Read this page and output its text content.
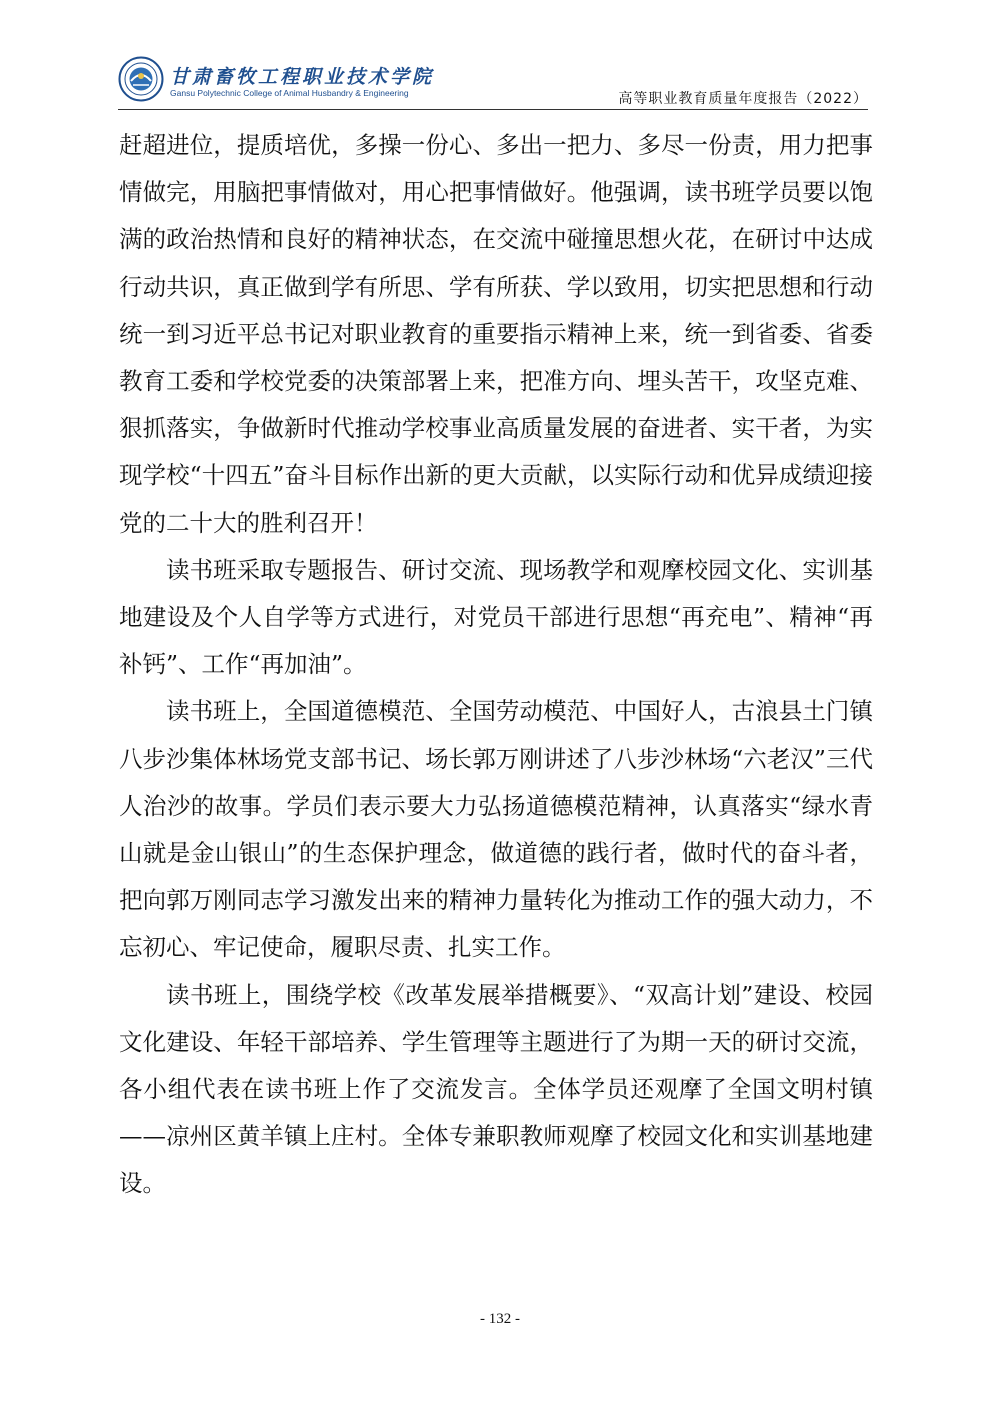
甘肃畜牧工程职业技术学院
Gansu Polytechnic College of Animal Husbandry & Engineering	高等职业教育质量年度报告（2022）

赶超进位，提质培优，多操一份心、多出一把力、多尽一份责，用力把事情做完，用脑把事情做对，用心把事情做好。他强调，读书班学员要以饱满的政治热情和良好的精神状态，在交流中碰撞思想火花，在研讨中达成行动共识，真正做到学有所思、学有所获、学以致用，切实把思想和行动统一到习近平总书记对职业教育的重要指示精神上来，统一到省委、省委教育工委和学校党委的决策部署上来，把准方向、埋头苦干，攻坚克难、狠抓落实，争做新时代推动学校事业高质量发展的奋进者、实干者，为实现学校“十四五”奋斗目标作出新的更大贡献，以实际行动和优异成绩迎接党的二十大的胜利召开！

读书班采取专题报告、研讨交流、现场教学和观摩校园文化、实训基地建设及个人自学等方式进行，对党员干部进行思想“再充电”、精神“再补钙”、工作“再加油”。

读书班上，全国道德模范、全国劳动模范、中国好人，古浪县土门镇八步沙集体林场党支部书记、场长郭万刚讲述了八步沙林场“六老汉”三代人治沙的故事。学员们表示要大力弘扬道德模范精神，认真落实“绿水青山就是金山银山”的生态保护理念，做道德的践行者，做时代的奋斗者，把向郭万刚同志学习激发出来的精神力量转化为推动工作的强大动力，不忘初心、牢记使命，履职尽责、扎实工作。

读书班上，围绕学校《改革发展举措概要》、“双高计划”建设、校园文化建设、年轻干部培养、学生管理等主题进行了为期一天的研讨交流，各小组代表在读书班上作了交流发言。全体学员还观摩了全国文明村镇——凉州区黄羊镇上庄村。全体专兼职教师观摩了校园文化和实训基地建设。

- 132 -
